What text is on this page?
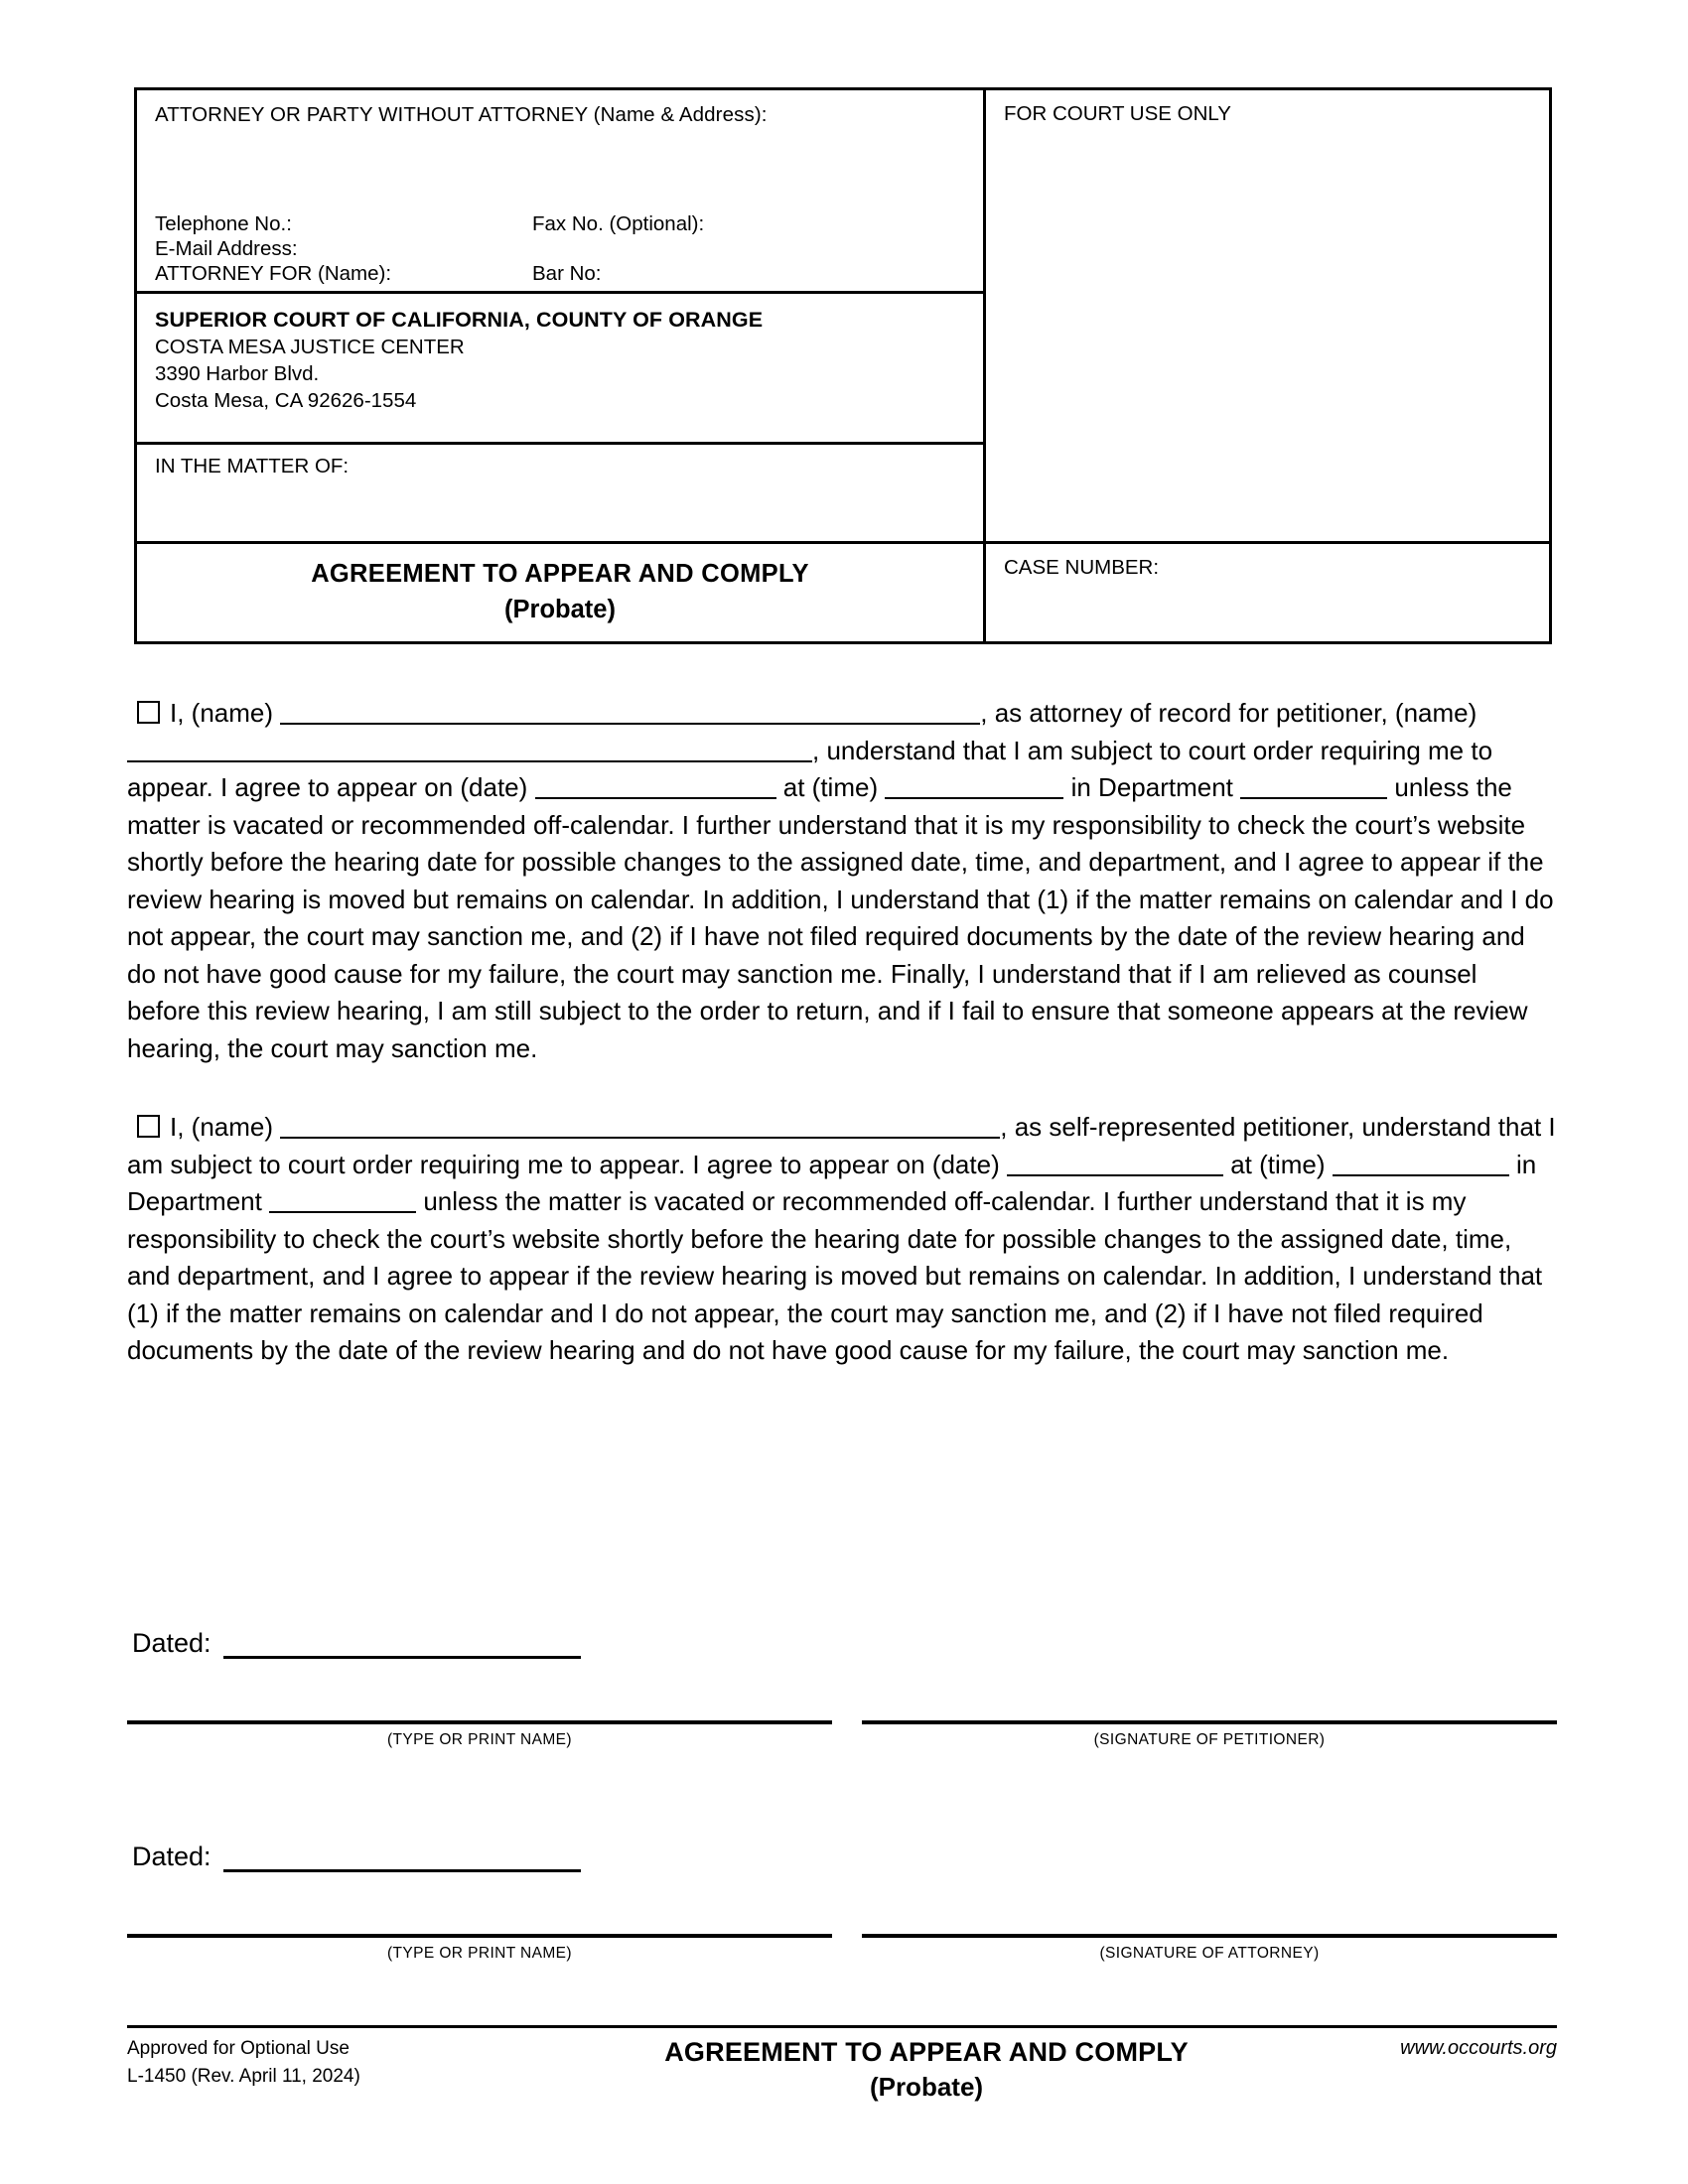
ATTORNEY OR PARTY WITHOUT ATTORNEY (Name & Address):
Telephone No.:	Fax No. (Optional):
E-Mail Address:
ATTORNEY FOR (Name):	Bar No:
SUPERIOR COURT OF CALIFORNIA, COUNTY OF ORANGE
COSTA MESA JUSTICE CENTER
3390 Harbor Blvd.
Costa Mesa, CA 92626-1554
IN THE MATTER OF:
AGREEMENT TO APPEAR AND COMPLY
(Probate)
FOR COURT USE ONLY
CASE NUMBER:
I, (name)	, as attorney of record for petitioner, (name) , understand that I am subject to court order requiring me to appear. I agree to appear on (date)	at (time)	in Department	unless the matter is vacated or recommended off-calendar. I further understand that it is my responsibility to check the court’s website shortly before the hearing date for possible changes to the assigned date, time, and department, and I agree to appear if the review hearing is moved but remains on calendar. In addition, I understand that (1) if the matter remains on calendar and I do not appear, the court may sanction me, and (2) if I have not filed required documents by the date of the review hearing and do not have good cause for my failure, the court may sanction me. Finally, I understand that if I am relieved as counsel before this review hearing, I am still subject to the order to return, and if I fail to ensure that someone appears at the review hearing, the court may sanction me.
I, (name)	, as self-represented petitioner, understand that I am subject to court order requiring me to appear. I agree to appear on (date)	at (time)	in Department	unless the matter is vacated or recommended off-calendar. I further understand that it is my responsibility to check the court’s website shortly before the hearing date for possible changes to the assigned date, time, and department, and I agree to appear if the review hearing is moved but remains on calendar. In addition, I understand that (1) if the matter remains on calendar and I do not appear, the court may sanction me, and (2) if I have not filed required documents by the date of the review hearing and do not have good cause for my failure, the court may sanction me.
Dated:
(TYPE OR PRINT NAME)	(SIGNATURE OF PETITIONER)
Dated:
(TYPE OR PRINT NAME)	(SIGNATURE OF ATTORNEY)
Approved for Optional Use
L-1450 (Rev. April 11, 2024)
AGREEMENT TO APPEAR AND COMPLY
(Probate)
www.occourts.org
